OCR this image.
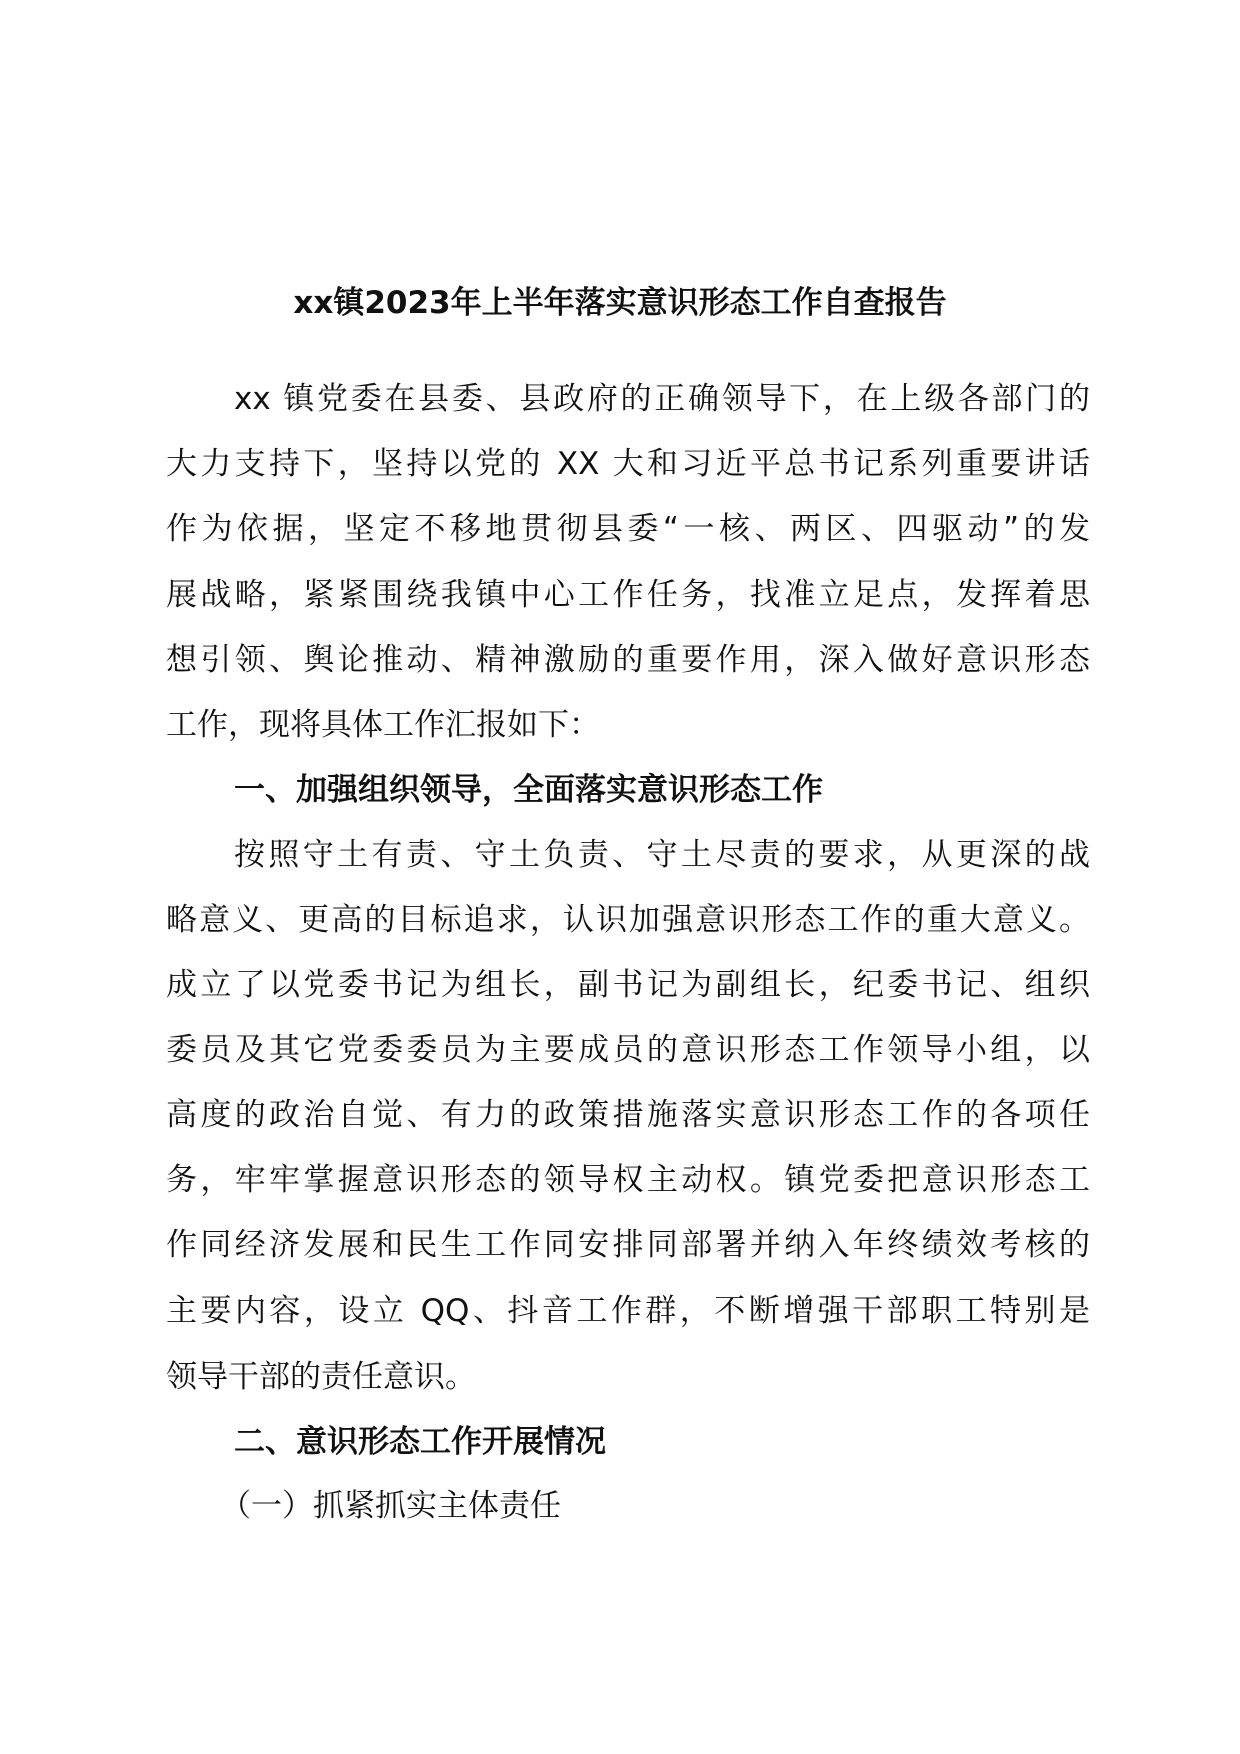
xx镇2023年上半年落实意识形态工作自查报告
xx 镇党委在县委、县政府的正确领导下，在上级各部门的
大力支持下，坚持以党的 XX 大和习近平总书记系列重要讲话
作为依据，坚定不移地贯彻县委“一核、两区、四驱动”的发
展战略，紧紧围绕我镇中心工作任务，找准立足点，发挥着思
想引领、舆论推动、精神激励的重要作用，深入做好意识形态
工作，现将具体工作汇报如下：
一、加强组织领导，全面落实意识形态工作
按照守土有责、守土负责、守土尽责的要求，从更深的战
略意义、更高的目标追求，认识加强意识形态工作的重大意义。
成立了以党委书记为组长，副书记为副组长，纪委书记、组织
委员及其它党委委员为主要成员的意识形态工作领导小组，以
高度的政治自觉、有力的政策措施落实意识形态工作的各项任
务，牢牢掌握意识形态的领导权主动权。镇党委把意识形态工
作同经济发展和民生工作同安排同部署并纳入年终绩效考核的
主要内容，设立 QQ、抖音工作群，不断增强干部职工特别是
领导干部的责任意识。
二、意识形态工作开展情况
（一）抓紧抓实主体责任
